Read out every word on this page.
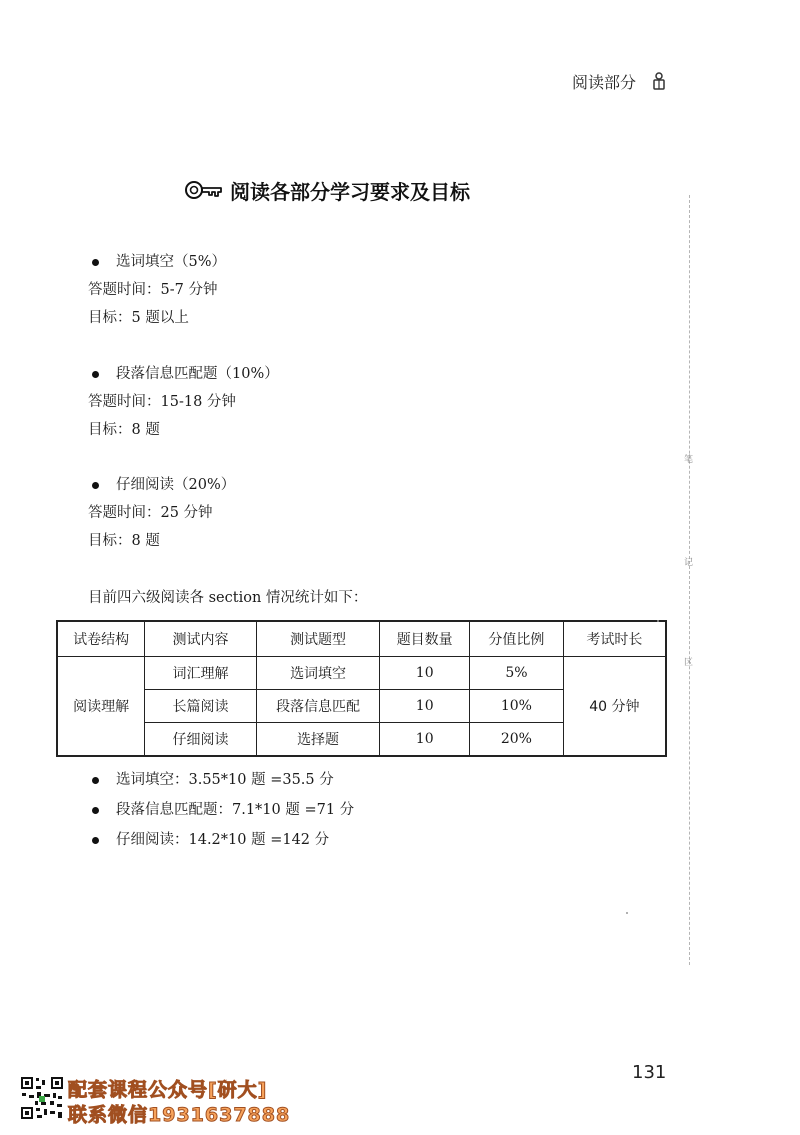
阅读部分
阅读各部分学习要求及目标
选词填空（5%）
答题时间：5-7 分钟
目标：5 题以上
段落信息匹配题（10%）
答题时间：15-18 分钟
目标：8 题
仔细阅读（20%）
答题时间：25 分钟
目标：8 题
笔
记
区
目前四六级阅读各 section 情况统计如下：
试卷结构	测试内容	测试题型	题目数量	分值比例	考试时长
阅读理解	词汇理解	选词填空	10	5%	40 分钟
	长篇阅读	段落信息匹配	10	10%	
	仔细阅读	选择题	10	20%	
选词填空：3.55*10 题 =35.5 分
段落信息匹配题：7.1*10 题 =71 分
仔细阅读：14.2*10 题 =142 分
131
配套课程公众号[研大]
联系微信1931637888
